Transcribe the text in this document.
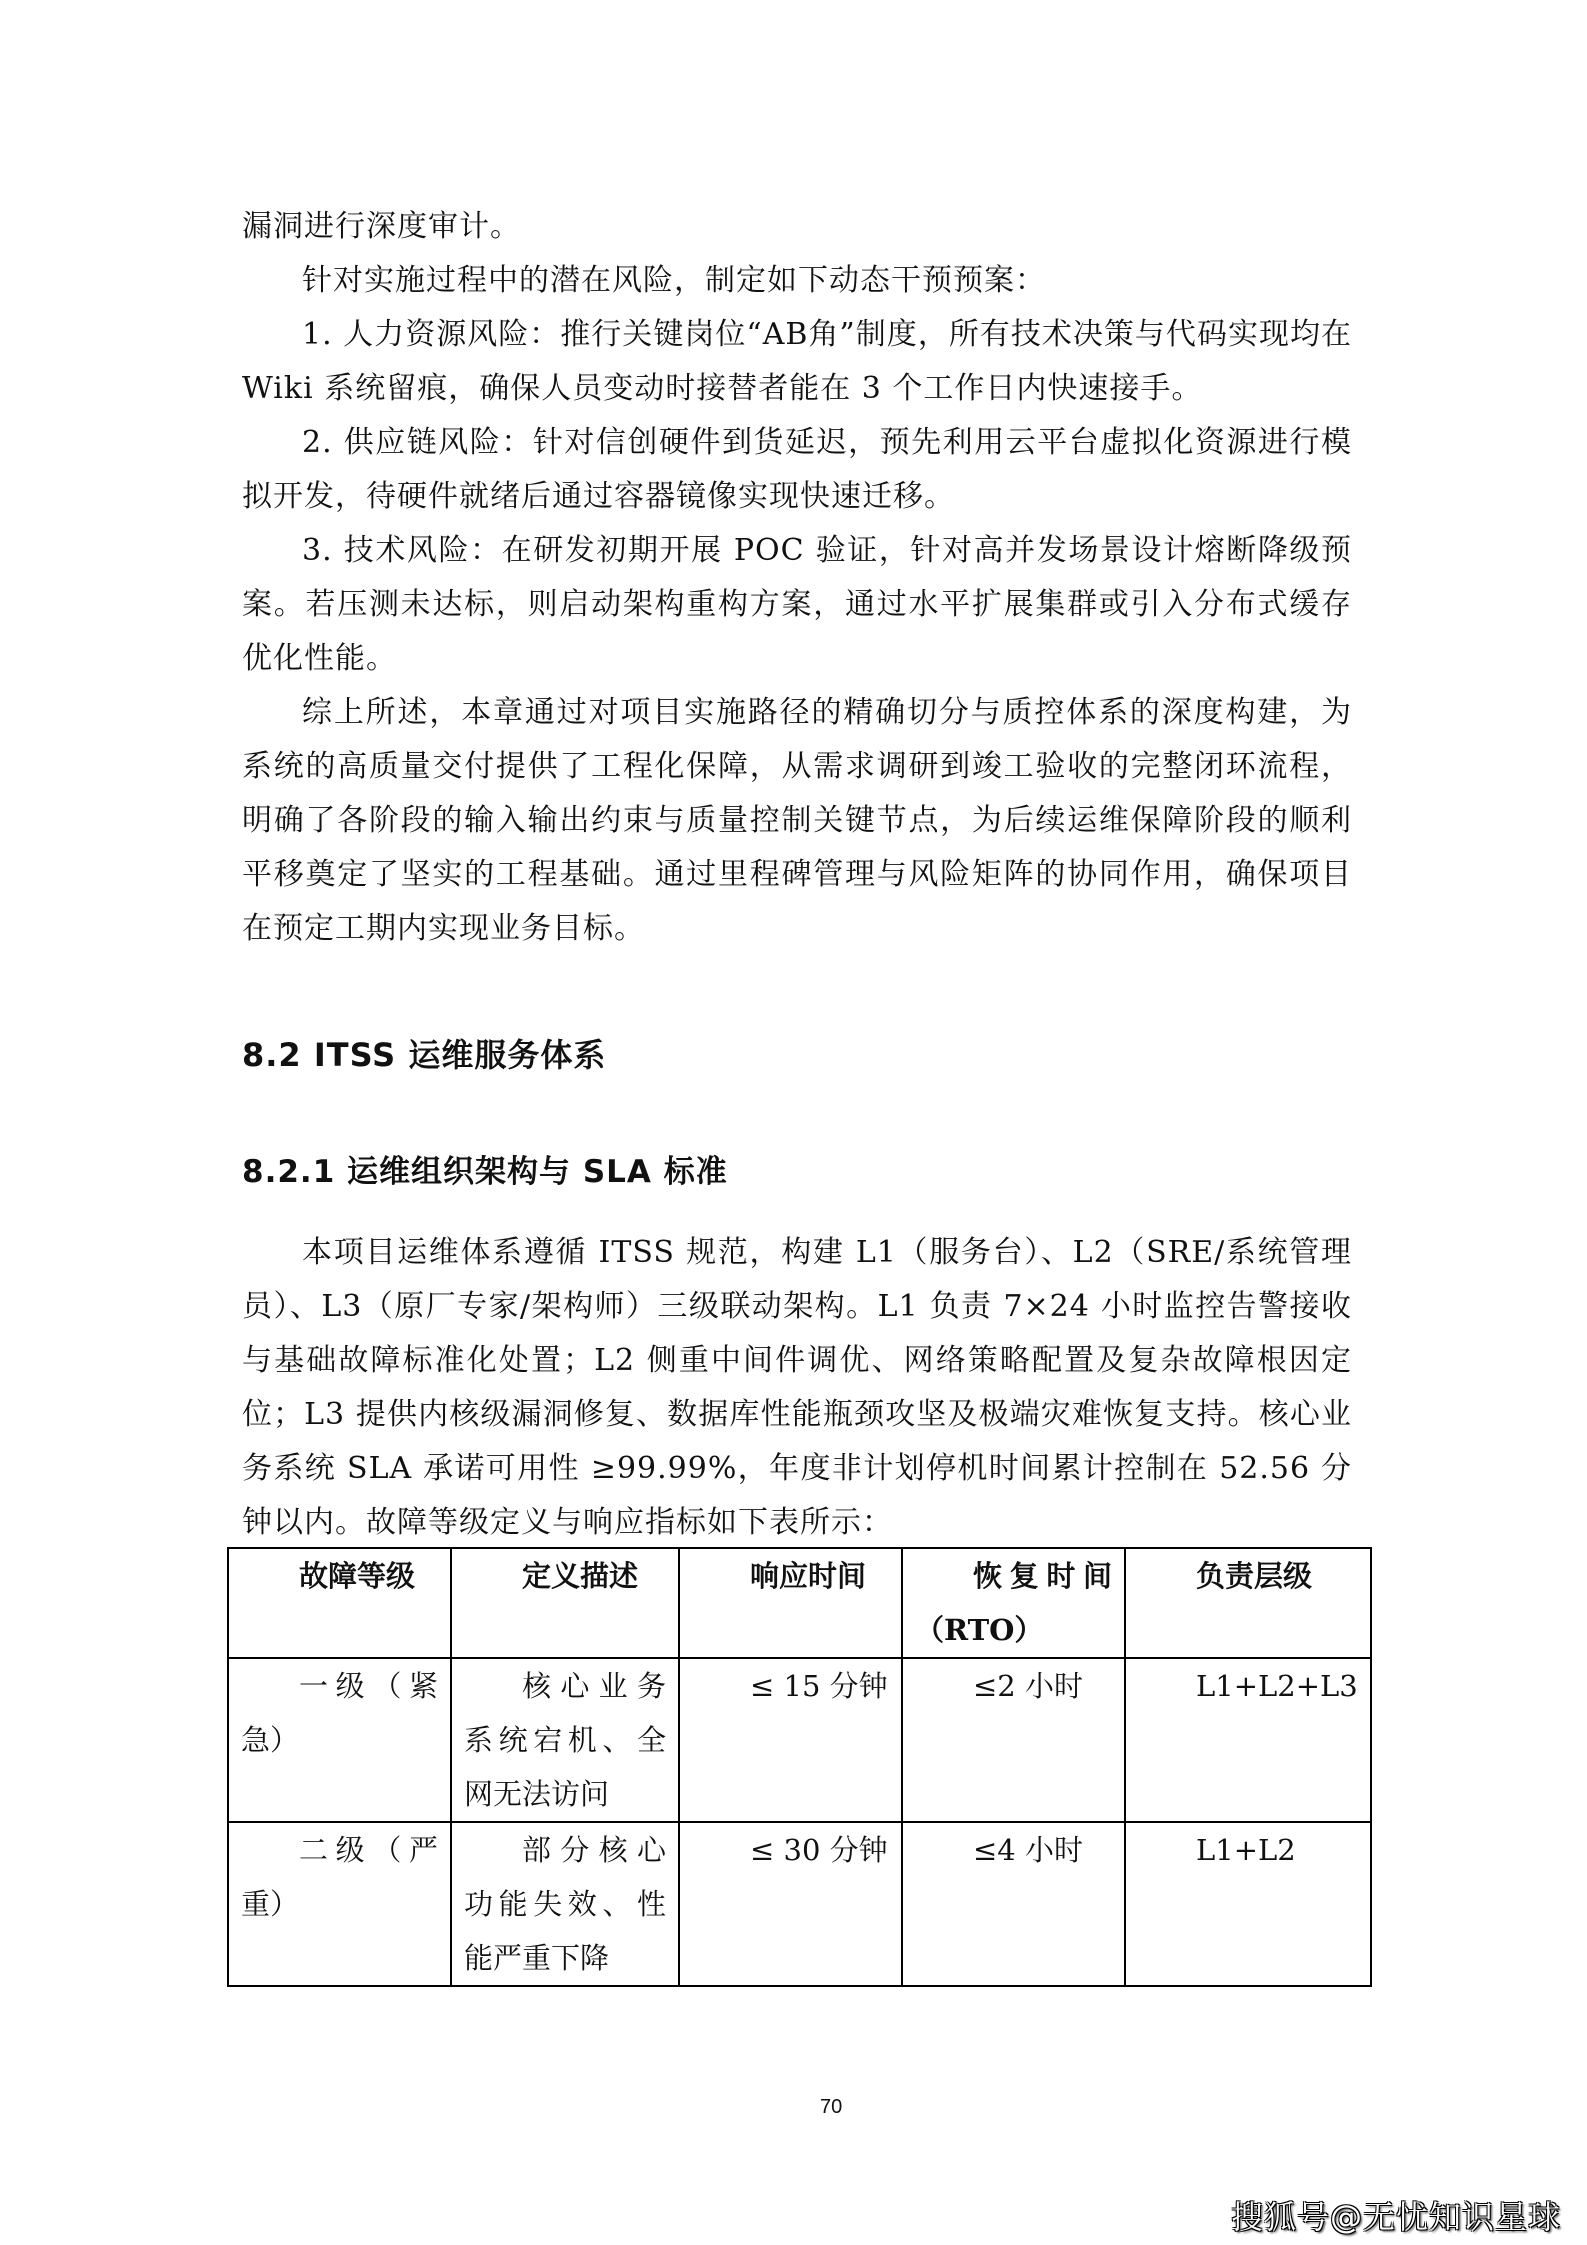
漏洞进行深度审计。

针对实施过程中的潜在风险，制定如下动态干预预案：

1. 人力资源风险：推行关键岗位“AB角”制度，所有技术决策与代码实现均在 Wiki 系统留痕，确保人员变动时接替者能在 3 个工作日内快速接手。

2. 供应链风险：针对信创硬件到货延迟，预先利用云平台虚拟化资源进行模拟开发，待硬件就绪后通过容器镜像实现快速迁移。

3. 技术风险：在研发初期开展 POC 验证，针对高并发场景设计熔断降级预案。若压测未达标，则启动架构重构方案，通过水平扩展集群或引入分布式缓存优化性能。

综上所述，本章通过对项目实施路径的精确切分与质控体系的深度构建，为系统的高质量交付提供了工程化保障，从需求调研到竣工验收的完整闭环流程，明确了各阶段的输入输出约束与质量控制关键节点，为后续运维保障阶段的顺利平移奠定了坚实的工程基础。通过里程碑管理与风险矩阵的协同作用，确保项目在预定工期内实现业务目标。

8.2 ITSS 运维服务体系
8.2.1 运维组织架构与 SLA 标准

本项目运维体系遵循 ITSS 规范，构建 L1（服务台）、L2（SRE/系统管理员）、L3（原厂专家/架构师）三级联动架构。L1 负责 7×24 小时监控告警接收与基础故障标准化处置；L2 侧重中间件调优、网络策略配置及复杂故障根因定位；L3 提供内核级漏洞修复、数据库性能瓶颈攻坚及极端灾难恢复支持。核心业务系统 SLA 承诺可用性 ≥99.99%，年度非计划停机时间累计控制在 52.56 分钟以内。故障等级定义与响应指标如下表所示：

故障等级	定义描述	响应时间	恢复时间（RTO）	负责层级
一级（紧急）	核心业务系统宕机、全网无法访问	≤ 15 分钟	≤2 小时	L1+L2+L3
二级（严重）	部分核心功能失效、性能严重下降	≤ 30 分钟	≤4 小时	L1+L2
70
搜狐号@无忧知识星球
